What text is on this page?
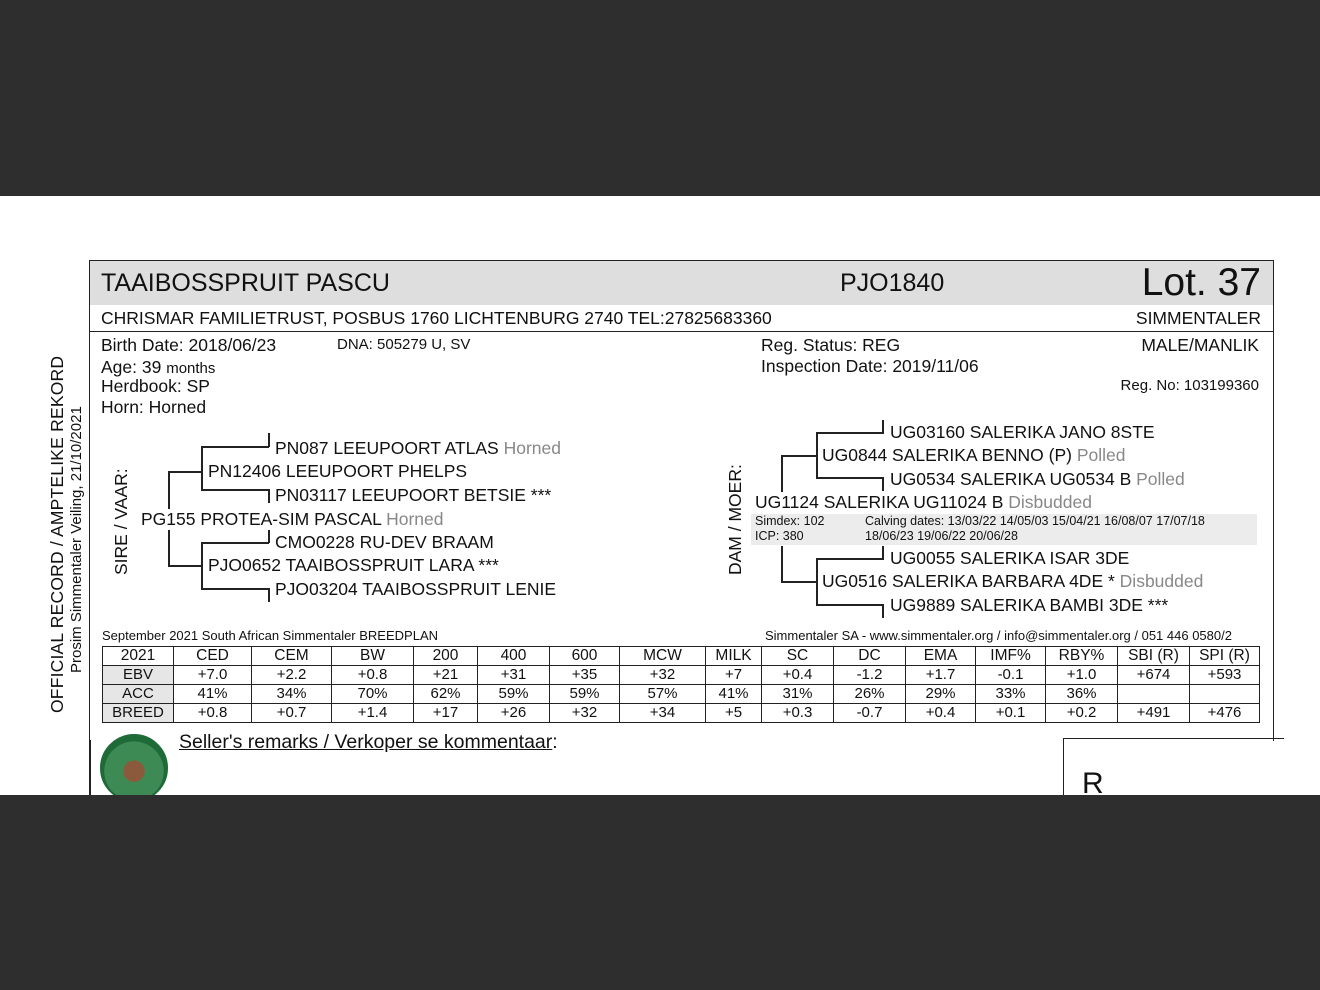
OFFICIAL RECORD / AMPTELIKE REKORD Prosim Simmentaler Veiling, 21/10/2021
TAAIBOSSPRUIT PASCU	PJO1840	Lot. 37
CHRISMAR FAMILIETRUST, POSBUS 1760 LICHTENBURG 2740 TEL:27825683360	SIMMENTALER
Birth Date: 2018/06/23	DNA: 505279 U, SV
Age: 39 months
Herdbook: SP
Horn: Horned
Reg. Status: REG
Inspection Date: 2019/11/06
MALE/MANLIK
Reg. No: 103199360
SIRE / VAAR:
PN087 LEEUPOORT ATLAS Horned
PN12406 LEEUPOORT PHELPS
PN03117 LEEUPOORT BETSIE ***
PG155 PROTEA-SIM PASCAL Horned
CMO0228 RU-DEV BRAAM
PJO0652 TAAIBOSSPRUIT LARA ***
PJO03204 TAAIBOSSPRUIT LENIE
DAM / MOER:
UG03160 SALERIKA JANO 8STE
UG0844 SALERIKA BENNO (P) Polled
UG0534 SALERIKA UG0534 B Polled
UG1124 SALERIKA UG11024 B Disbudded
Simdex: 102
ICP: 380
Calving dates: 13/03/22 14/05/03 15/04/21 16/08/07 17/07/18
18/06/23 19/06/22 20/06/28
UG0055 SALERIKA ISAR 3DE
UG0516 SALERIKA BARBARA 4DE * Disbudded
UG9889 SALERIKA BAMBI 3DE ***
September 2021 South African Simmentaler BREEDPLAN	Simmentaler SA - www.simmentaler.org / info@simmentaler.org / 051 446 0580/2
2021	CED	CEM	BW	200	400	600	MCW	MILK	SC	DC	EMA	IMF%	RBY%	SBI (R)	SPI (R)
EBV	+7.0	+2.2	+0.8	+21	+31	+35	+32	+7	+0.4	-1.2	+1.7	-0.1	+1.0	+674	+593
ACC	41%	34%	70%	62%	59%	59%	57%	41%	31%	26%	29%	33%	36%		
BREED	+0.8	+0.7	+1.4	+17	+26	+32	+34	+5	+0.3	-0.7	+0.4	+0.1	+0.2	+491	+476
Seller's remarks / Verkoper se kommentaar:
R
